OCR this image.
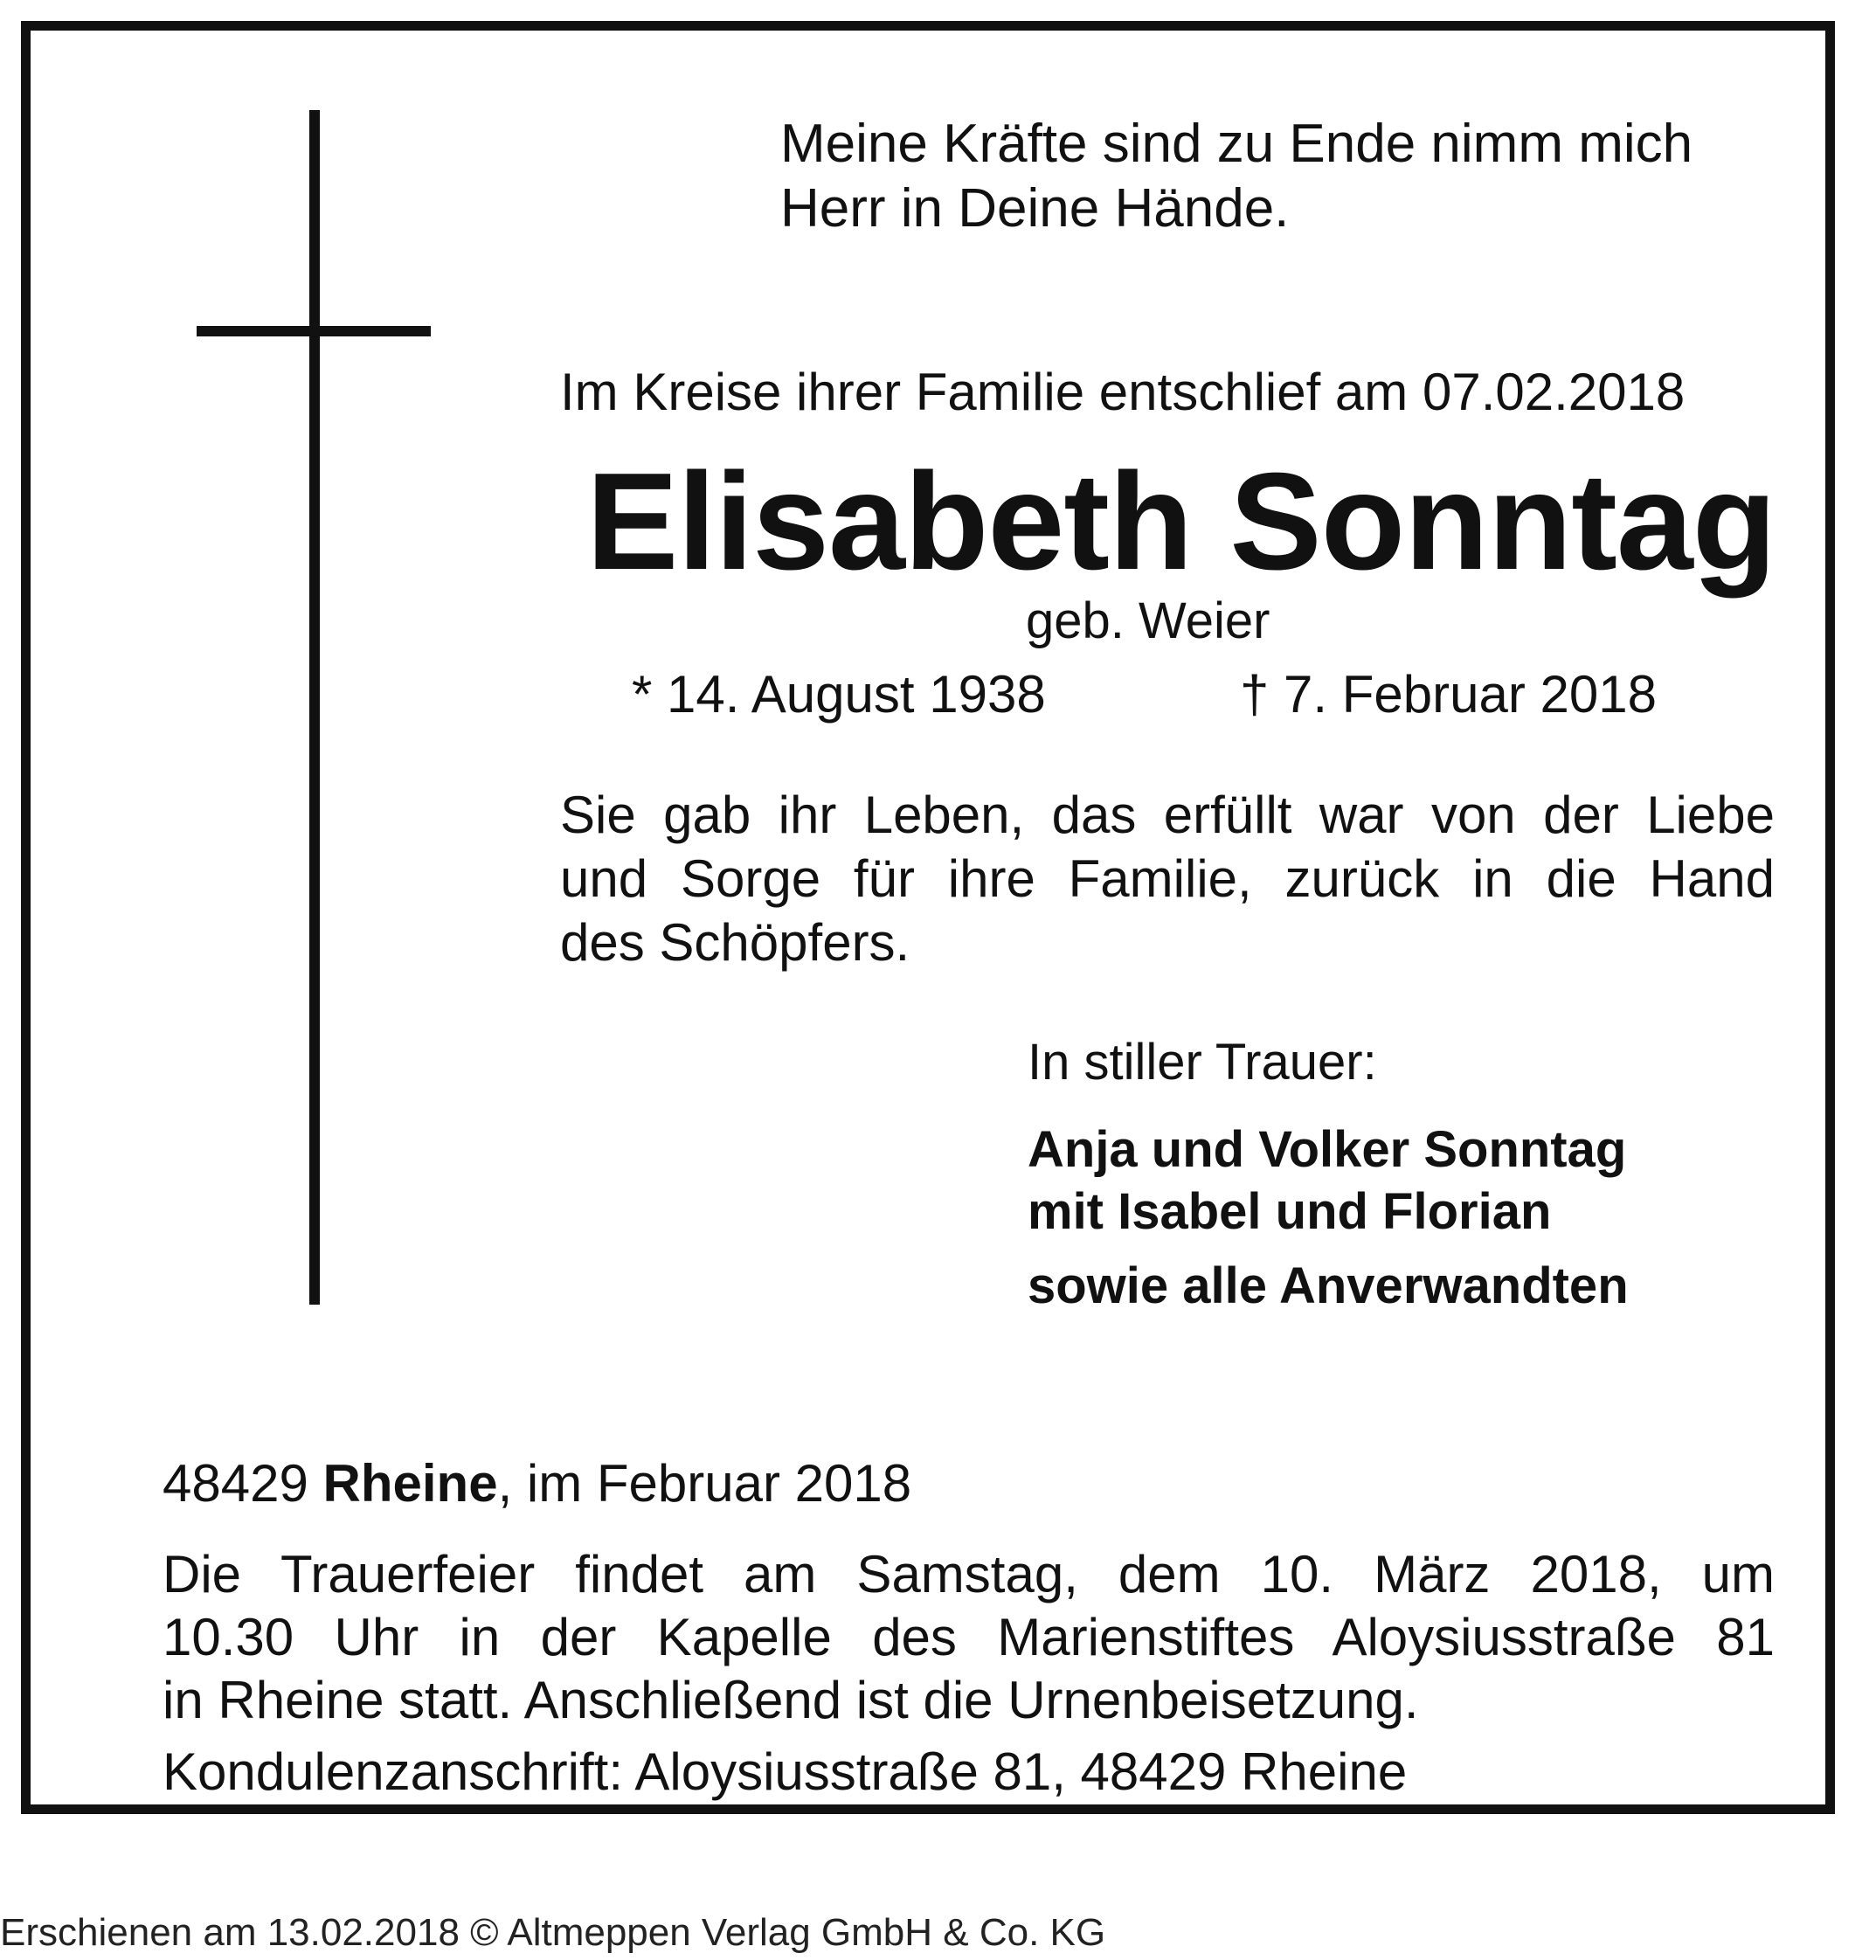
Meine Kräfte sind zu Ende nimm mich
Herr in Deine Hände.
Im Kreise ihrer Familie entschlief am 07.02.2018
Elisabeth Sonntag
geb. Weier
* 14. August 1938	† 7. Februar 2018
Sie gab ihr Leben, das erfüllt war von der Liebe
und Sorge für ihre Familie, zurück in die Hand
des Schöpfers.
In stiller Trauer:
Anja und Volker Sonntag
mit Isabel und Florian
sowie alle Anverwandten
48429 Rheine, im Februar 2018
Die Trauerfeier findet am Samstag, dem 10. März 2018, um
10.30 Uhr in der Kapelle des Marienstiftes Aloysiusstraße 81
in Rheine statt. Anschließend ist die Urnenbeisetzung.
Kondulenzanschrift: Aloysiusstraße 81, 48429 Rheine
Erschienen am 13.02.2018 © Altmeppen Verlag GmbH & Co. KG
